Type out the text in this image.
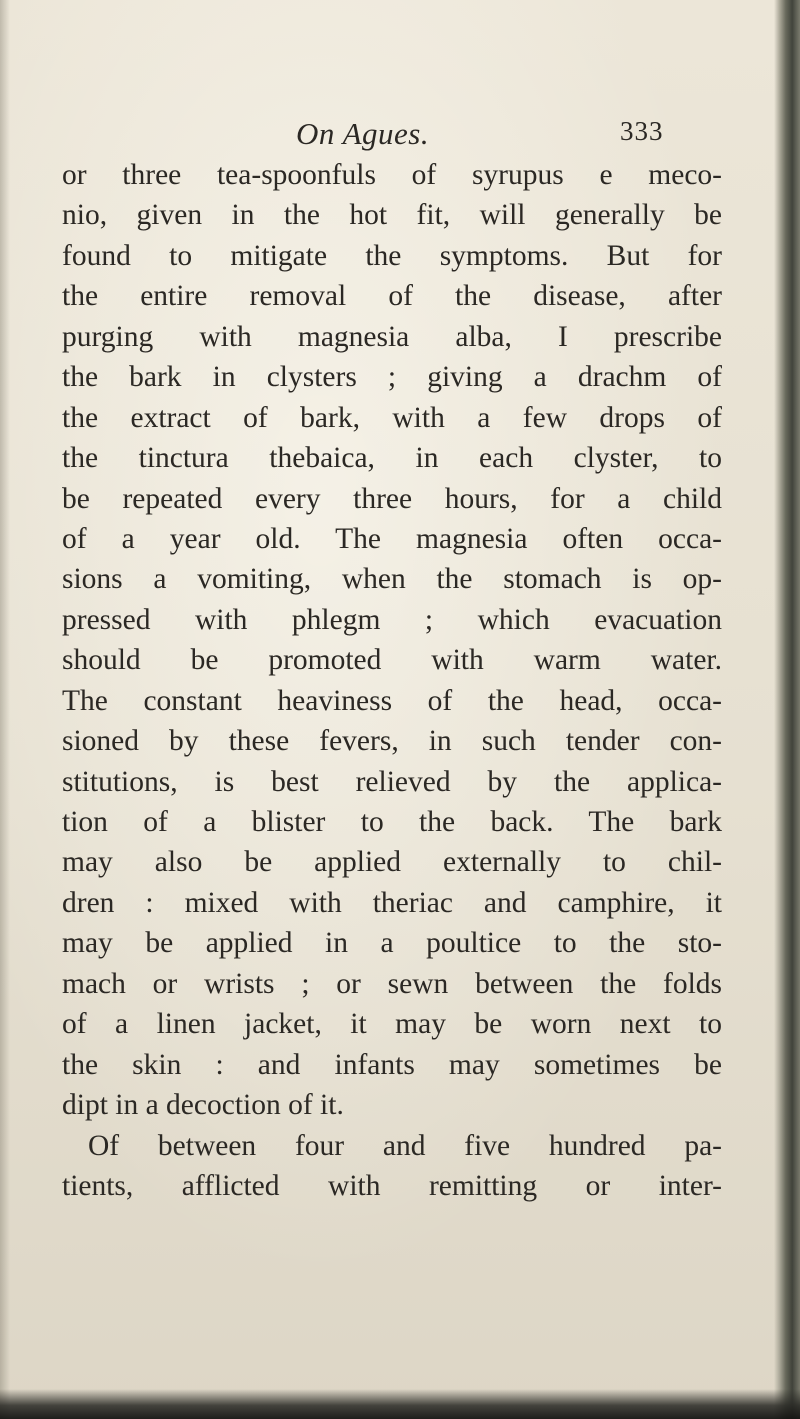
On Agues.	333
or three tea-spoonfuls of syrupus e meco-
nio, given in the hot fit, will generally be
found to mitigate the symptoms. But for
the entire removal of the disease, after
purging with magnesia alba, I prescribe
the bark in clysters ; giving a drachm of
the extract of bark, with a few drops of
the tinctura thebaica, in each clyster, to
be repeated every three hours, for a child
of a year old. The magnesia often occa-
sions a vomiting, when the stomach is op-
pressed with phlegm ; which evacuation
should be promoted with warm water.
The constant heaviness of the head, occa-
sioned by these fevers, in such tender con-
stitutions, is best relieved by the applica-
tion of a blister to the back. The bark
may also be applied externally to chil-
dren : mixed with theriac and camphire, it
may be applied in a poultice to the sto-
mach or wrists ; or sewn between the folds
of a linen jacket, it may be worn next to
the skin : and infants may sometimes be
dipt in a decoction of it.
Of between four and five hundred pa-
tients, afflicted with remitting or inter-
